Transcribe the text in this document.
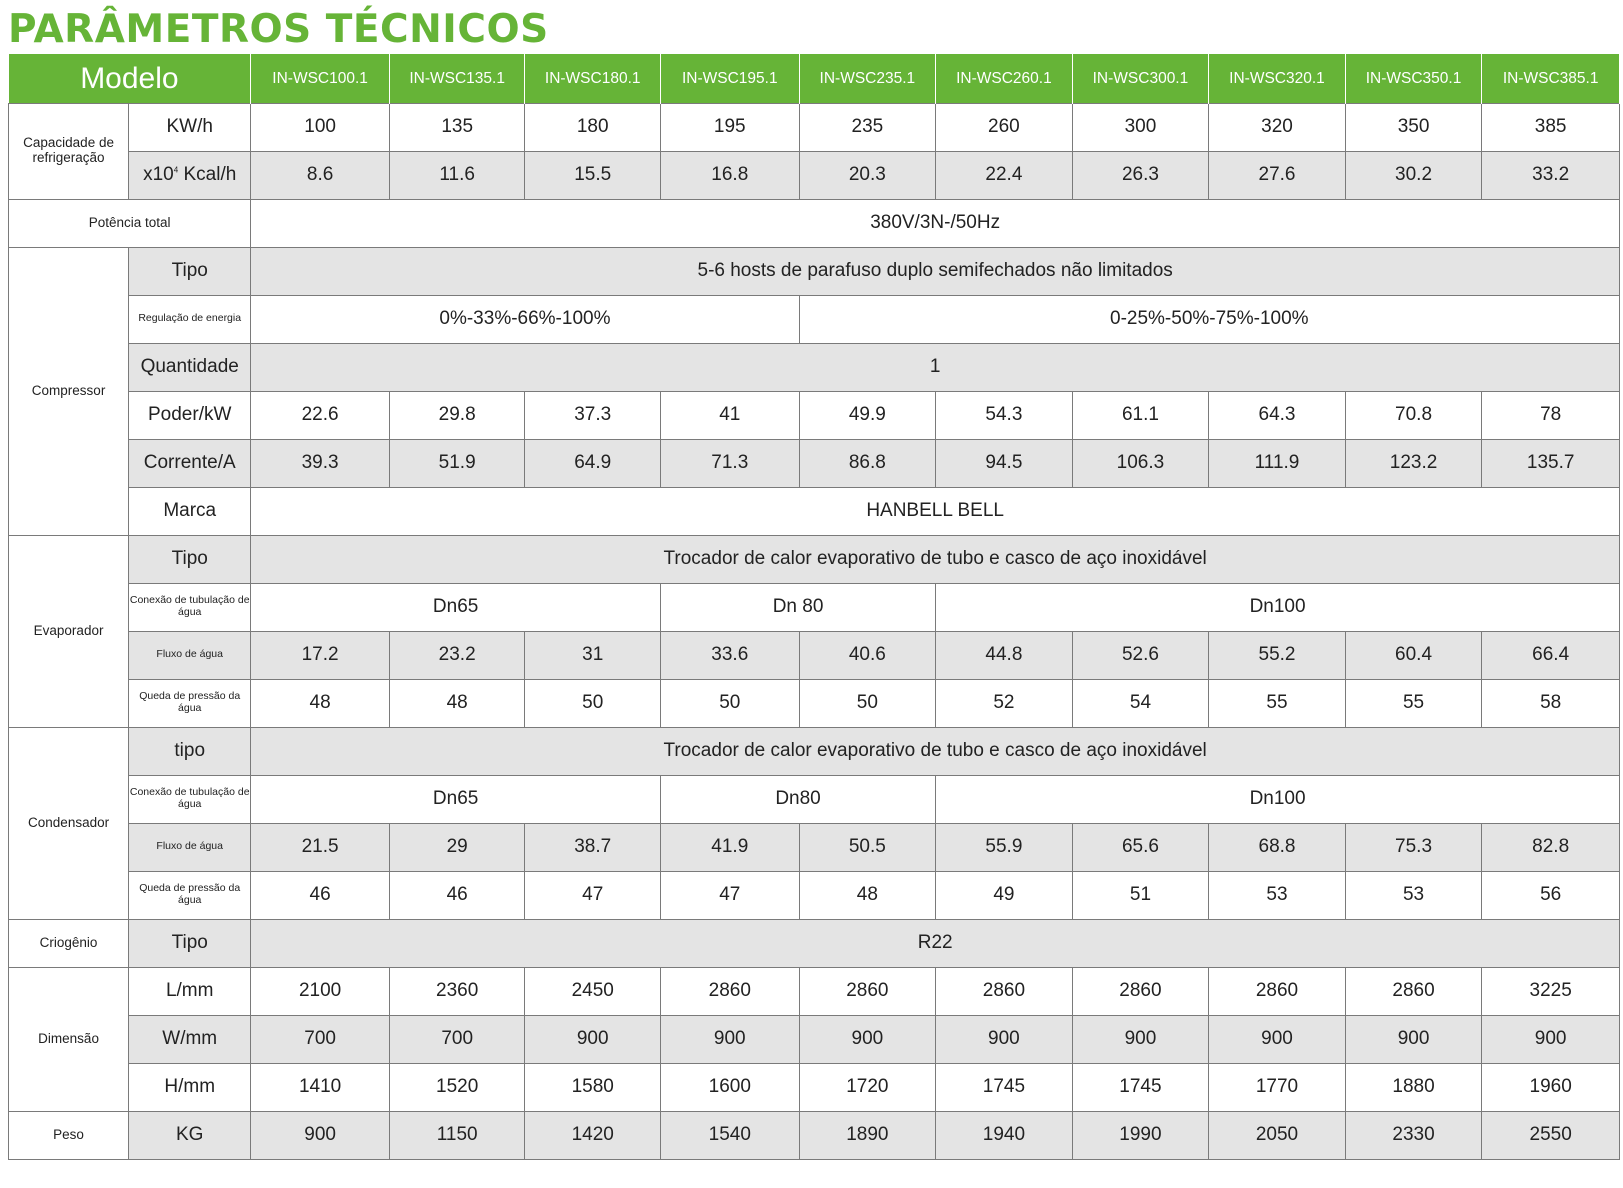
PARÂMETROS TÉCNICOS
Modelo		IN-WSC100.1	IN-WSC135.1	IN-WSC180.1	IN-WSC195.1	IN-WSC235.1	IN-WSC260.1	IN-WSC300.1	IN-WSC320.1	IN-WSC350.1	IN-WSC385.1
Capacidade de refrigeração	KW/h	100	135	180	195	235	260	300	320	350	385
	$x10^4$ Kcal/h	8.6	11.6	15.5	16.8	20.3	22.4	26.3	27.6	30.2	33.2
Potência total		380V/3N-/50Hz									
Compressor	Tipo	5-6 hosts de parafuso duplo semifechados não limitados									
	Regulação de energia	0%-33%-66%-100%				0-25%-50%-75%-100%					
	Quantidade	1									
	Poder/kW	22.6	29.8	37.3	41	49.9	54.3	61.1	64.3	70.8	78
	Corrente/A	39.3	51.9	64.9	71.3	86.8	94.5	106.3	111.9	123.2	135.7
	Marca	HANBELL BELL									
Evaporador	Tipo	Trocador de calor evaporativo de tubo e casco de aço inoxidável									
	Conexão de tubulação de água	Dn65			Dn 80		Dn100				
	Fluxo de água	17.2	23.2	31	33.6	40.6	44.8	52.6	55.2	60.4	66.4
	Queda de pressão da água	48	48	50	50	50	52	54	55	55	58
Condensador	tipo	Trocador de calor evaporativo de tubo e casco de aço inoxidável									
	Conexão de tubulação de água	Dn65			Dn80		Dn100				
	Fluxo de água	21.5	29	38.7	41.9	50.5	55.9	65.6	68.8	75.3	82.8
	Queda de pressão da água	46	46	47	47	48	49	51	53	53	56
Criogênio	Tipo	R22									
Dimensão	L/mm	2100	2360	2450	2860	2860	2860	2860	2860	2860	3225
	W/mm	700	700	900	900	900	900	900	900	900	900
	H/mm	1410	1520	1580	1600	1720	1745	1745	1770	1880	1960
Peso	KG	900	1150	1420	1540	1890	1940	1990	2050	2330	2550
